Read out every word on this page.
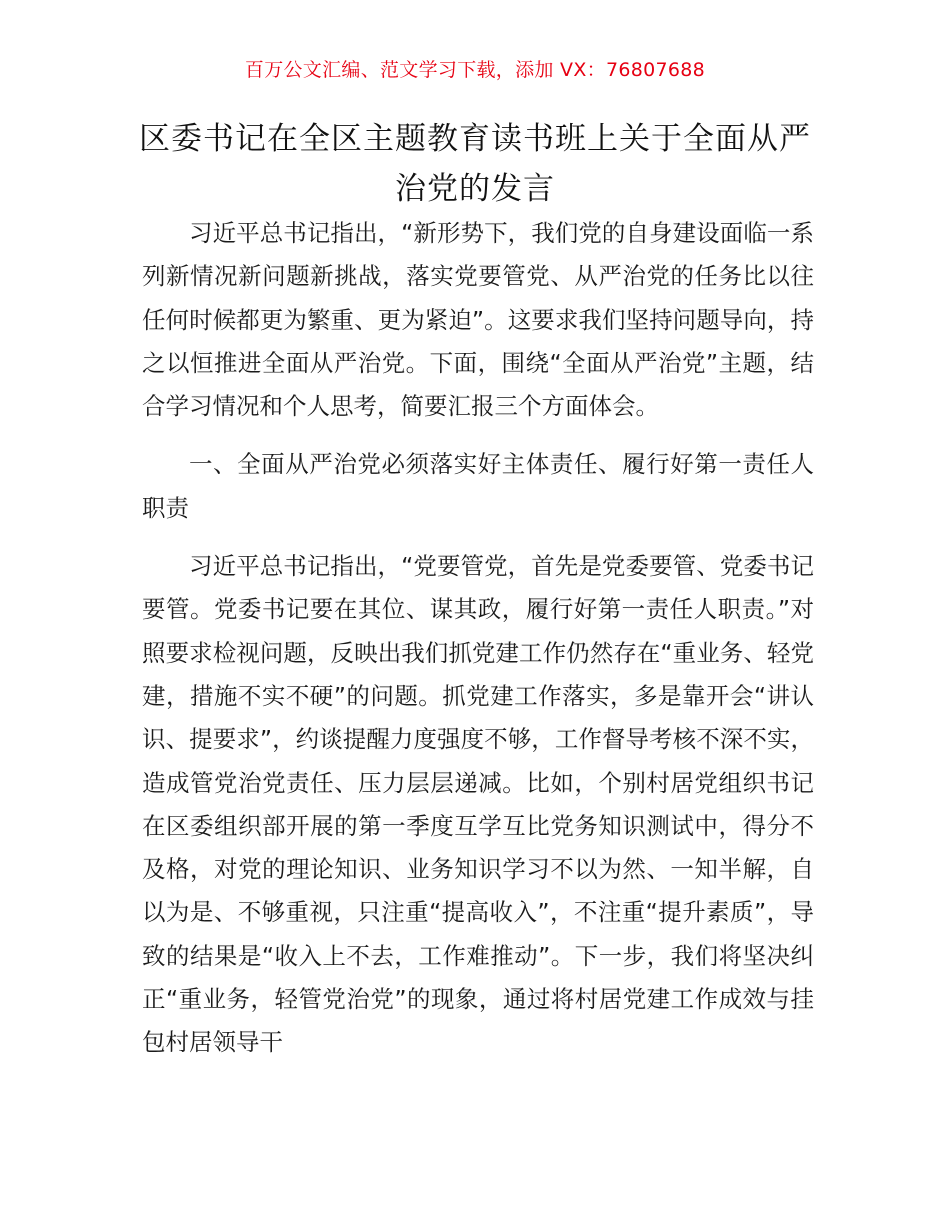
百万公文汇编、范文学习下载，添加 VX：76807688
区委书记在全区主题教育读书班上关于全面从严治党的发言

习近平总书记指出，“新形势下，我们党的自身建设面临一系列新情况新问题新挑战，落实党要管党、从严治党的任务比以往任何时候都更为繁重、更为紧迫”。这要求我们坚持问题导向，持之以恒推进全面从严治党。下面，围绕“全面从严治党”主题，结合学习情况和个人思考，简要汇报三个方面体会。

一、全面从严治党必须落实好主体责任、履行好第一责任人职责

习近平总书记指出，“党要管党，首先是党委要管、党委书记要管。党委书记要在其位、谋其政，履行好第一责任人职责。”对照要求检视问题，反映出我们抓党建工作仍然存在“重业务、轻党建，措施不实不硬”的问题。抓党建工作落实，多是靠开会“讲认识、提要求”，约谈提醒力度强度不够，工作督导考核不深不实，造成管党治党责任、压力层层递减。比如，个别村居党组织书记在区委组织部开展的第一季度互学互比党务知识测试中，得分不及格，对党的理论知识、业务知识学习不以为然、一知半解，自以为是、不够重视，只注重“提高收入”，不注重“提升素质”，导致的结果是“收入上不去，工作难推动”。下一步，我们将坚决纠正“重业务，轻管党治党”的现象，通过将村居党建工作成效与挂包村居领导干
